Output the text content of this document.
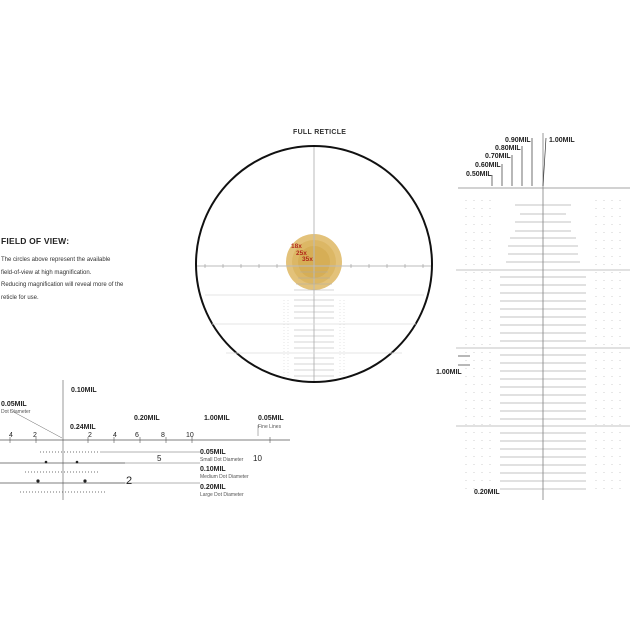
FULL RETICLE
18x
25x
35x
FIELD OF VIEW:
The circles above represent the available
field-of-view at high magnification.
Reducing magnification will reveal more of the
reticle for use.
0.50MIL
0.60MIL
0.70MIL
0.80MIL
0.90MIL	1.00MIL
1.00MIL
0.20MIL
0.05MIL
Dot Diameter
0.10MIL
0.24MIL
0.20MIL	1.00MIL	0.05MIL
Fine Lines
4	2	2	4	6	8	10
5	10
2
0.05MIL
Small Dot Diameter
0.10MIL
Medium Dot Diameter
0.20MIL
Large Dot Diameter
